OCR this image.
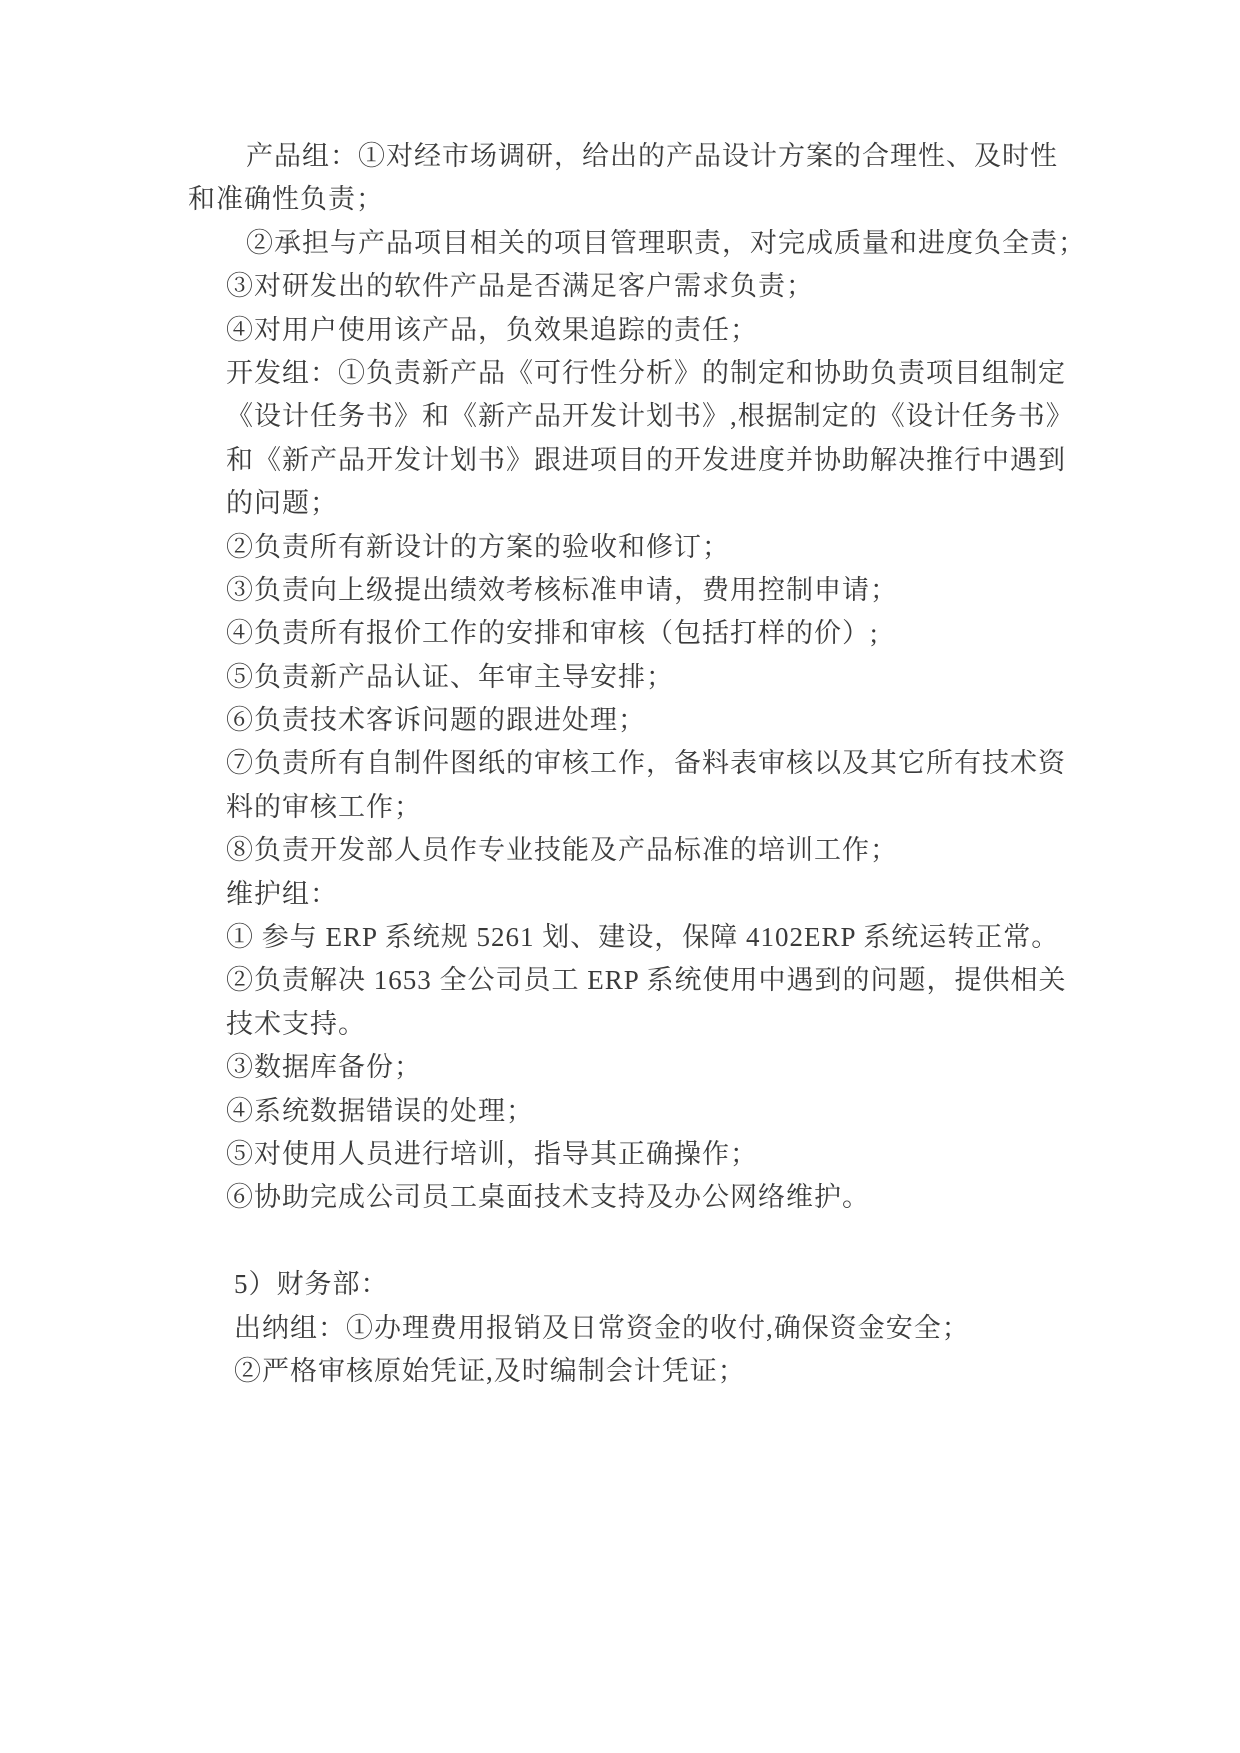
产品组：①对经市场调研，给出的产品设计方案的合理性、及时性
和准确性负责；
②承担与产品项目相关的项目管理职责，对完成质量和进度负全责；
③对研发出的软件产品是否满足客户需求负责；
④对用户使用该产品，负效果追踪的责任；
开发组：①负责新产品《可行性分析》的制定和协助负责项目组制定
《设计任务书》和《新产品开发计划书》,根据制定的《设计任务书》
和《新产品开发计划书》跟进项目的开发进度并协助解决推行中遇到
的问题；
②负责所有新设计的方案的验收和修订；
③负责向上级提出绩效考核标准申请，费用控制申请；
④负责所有报价工作的安排和审核（包括打样的价）;
⑤负责新产品认证、年审主导安排；
⑥负责技术客诉问题的跟进处理；
⑦负责所有自制件图纸的审核工作，备料表审核以及其它所有技术资
料的审核工作；
⑧负责开发部人员作专业技能及产品标准的培训工作；
维护组：
① 参与 ERP 系统规 5261 划、建设，保障 4102ERP 系统运转正常。
②负责解决 1653 全公司员工 ERP 系统使用中遇到的问题，提供相关
技术支持。
③数据库备份；
④系统数据错误的处理；
⑤对使用人员进行培训，指导其正确操作；
⑥协助完成公司员工桌面技术支持及办公网络维护。
5）财务部：
出纳组：①办理费用报销及日常资金的收付,确保资金安全；
②严格审核原始凭证,及时编制会计凭证；
